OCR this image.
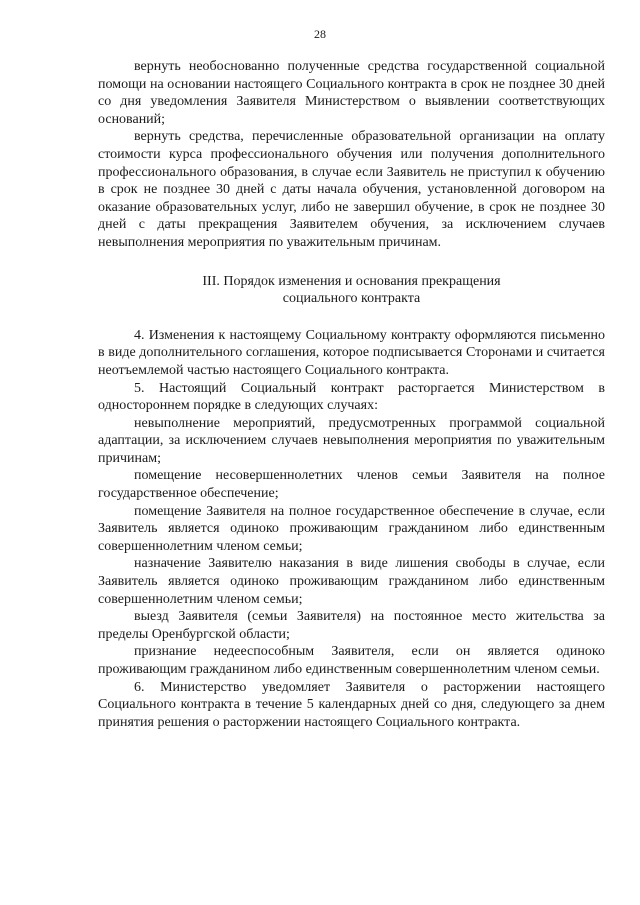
28

вернуть необоснованно полученные средства государственной социальной помощи на основании настоящего Социального контракта в срок не позднее 30 дней со дня уведомления Заявителя Министерством о выявлении соответствующих оснований;

вернуть средства, перечисленные образовательной организации на оплату стоимости курса профессионального обучения или получения дополнительного профессионального образования, в случае если Заявитель не приступил к обучению в срок не позднее 30 дней с даты начала обучения, установленной договором на оказание образовательных услуг, либо не завершил обучение, в срок не позднее 30 дней с даты прекращения Заявителем обучения, за исключением случаев невыполнения мероприятия по уважительным причинам.

III. Порядок изменения и основания прекращения
социального контракта

4. Изменения к настоящему Социальному контракту оформляются письменно в виде дополнительного соглашения, которое подписывается Сторонами и считается неотъемлемой частью настоящего Социального контракта.

5. Настоящий Социальный контракт расторгается Министерством в одностороннем порядке в следующих случаях:

невыполнение мероприятий, предусмотренных программой социальной адаптации, за исключением случаев невыполнения мероприятия по уважительным причинам;

помещение несовершеннолетних членов семьи Заявителя на полное государственное обеспечение;

помещение Заявителя на полное государственное обеспечение в случае, если Заявитель является одиноко проживающим гражданином либо единственным совершеннолетним членом семьи;

назначение Заявителю наказания в виде лишения свободы в случае, если Заявитель является одиноко проживающим гражданином либо единственным совершеннолетним членом семьи;

выезд Заявителя (семьи Заявителя) на постоянное место жительства за пределы Оренбургской области;

признание недееспособным Заявителя, если он является одиноко проживающим гражданином либо единственным совершеннолетним членом семьи.

6. Министерство уведомляет Заявителя о расторжении настоящего Социального контракта в течение 5 календарных дней со дня, следующего за днем принятия решения о расторжении настоящего Социального контракта.
